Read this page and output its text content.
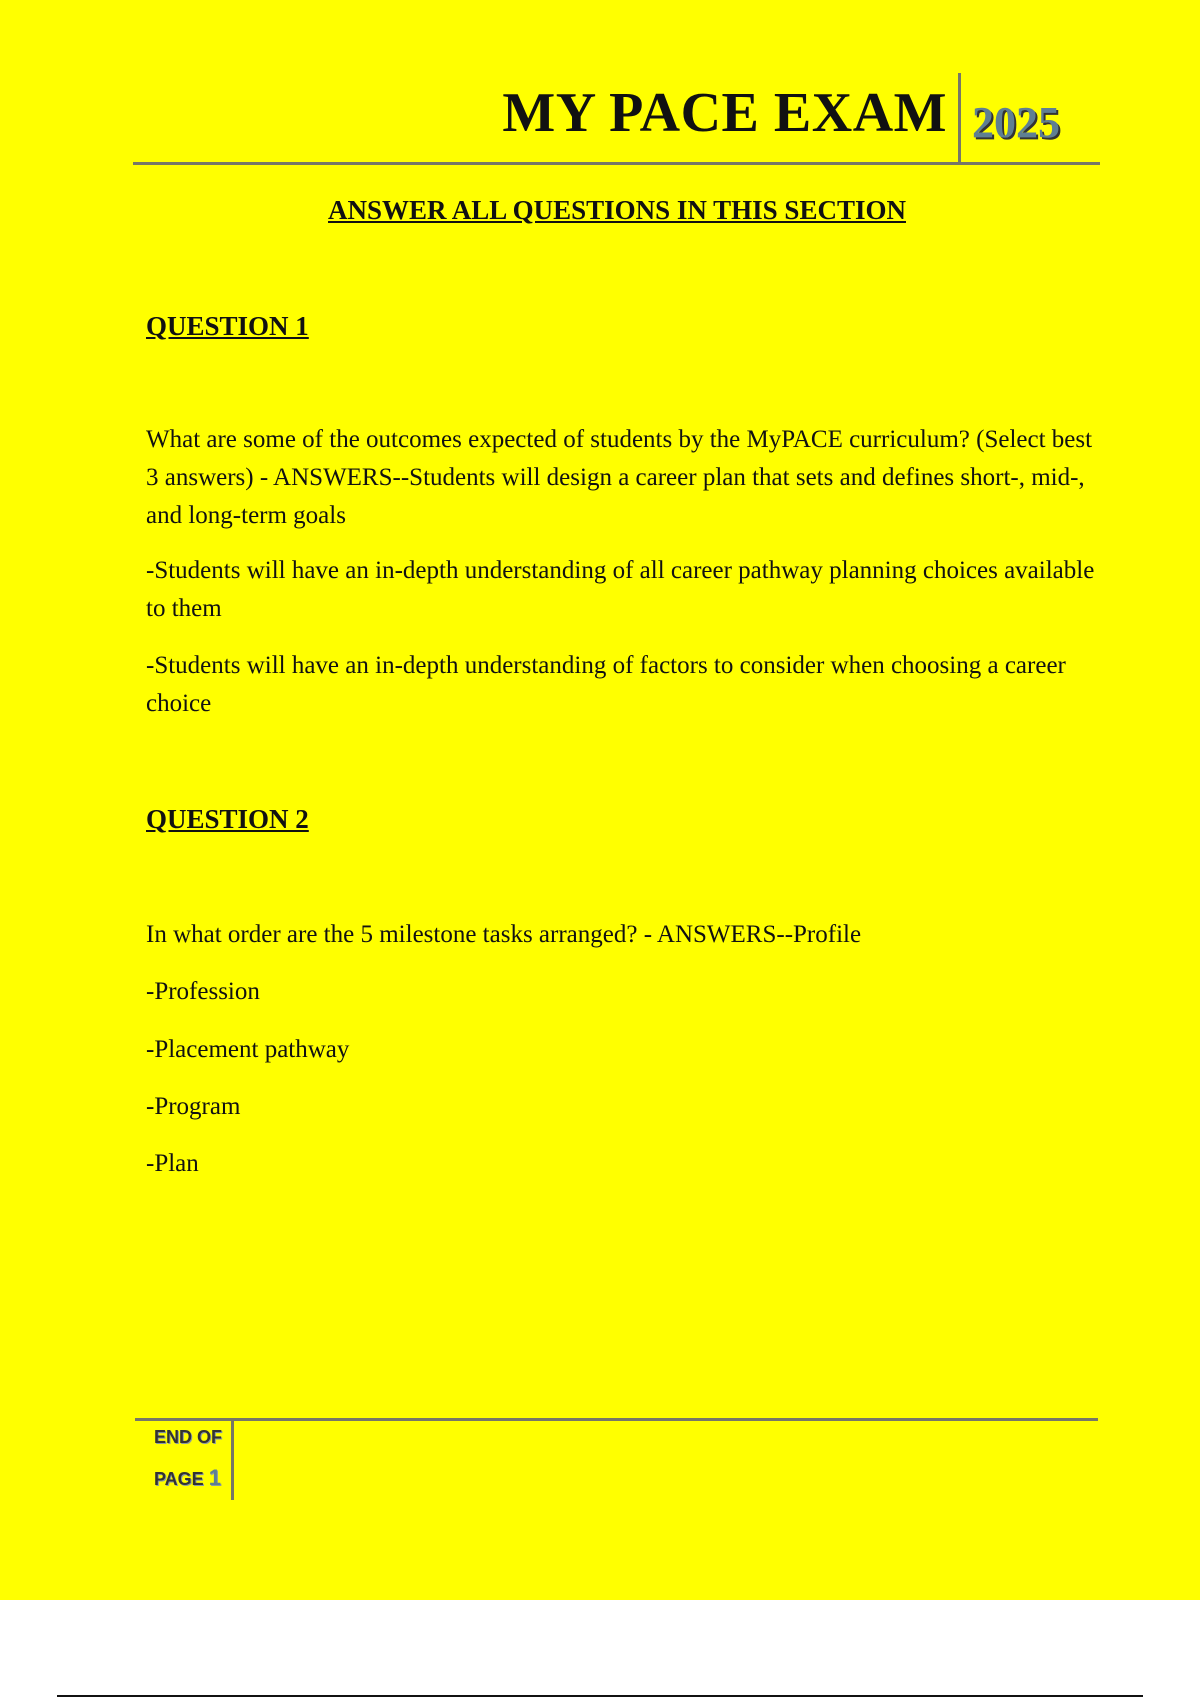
MY PACE EXAM 2025
ANSWER ALL QUESTIONS IN THIS SECTION
QUESTION 1

What are some of the outcomes expected of students by the MyPACE curriculum? (Select best 3 answers) - ANSWERS--Students will design a career plan that sets and defines short-, mid-, and long-term goals

-Students will have an in-depth understanding of all career pathway planning choices available to them

-Students will have an in-depth understanding of factors to consider when choosing a career choice

QUESTION 2

In what order are the 5 milestone tasks arranged? - ANSWERS--Profile

-Profession

-Placement pathway

-Program

-Plan

END OF
PAGE 1
